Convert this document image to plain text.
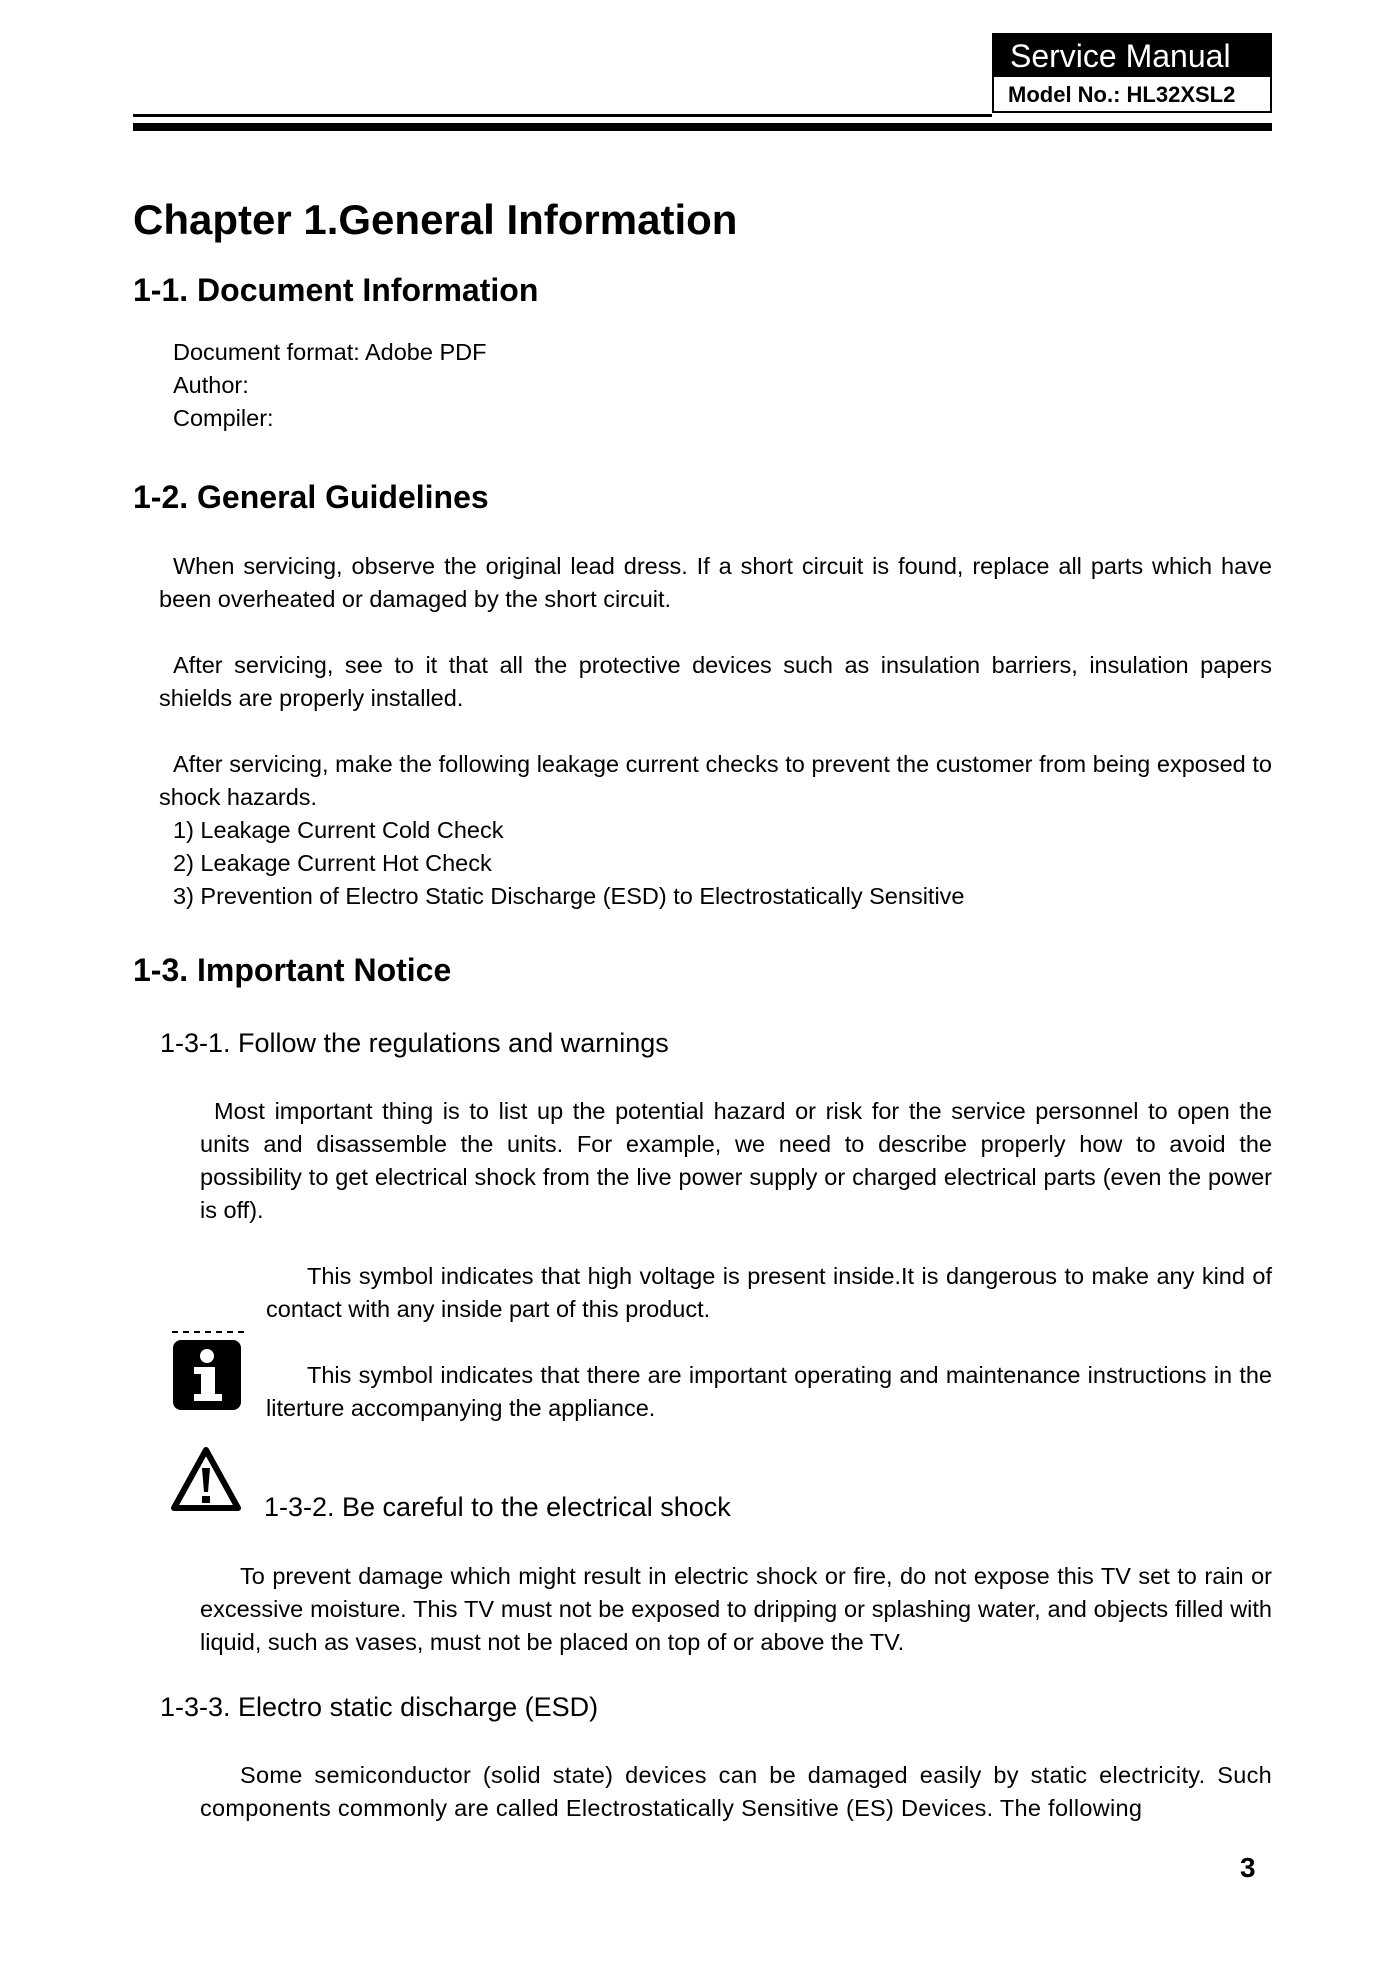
Service Manual
Model No.: HL32XSL2
Chapter 1.General Information
1-1. Document Information
Document format: Adobe PDF
Author:
Compiler:
1-2. General Guidelines
When servicing, observe the original lead dress. If a short circuit is found, replace all parts which have been overheated or damaged by the short circuit.
After servicing, see to it that all the protective devices such as insulation barriers, insulation papers shields are properly installed.
After servicing, make the following leakage current checks to prevent the customer from being exposed to shock hazards.
1) Leakage Current Cold Check
2) Leakage Current Hot Check
3) Prevention of Electro Static Discharge (ESD) to Electrostatically Sensitive
1-3. Important Notice
1-3-1. Follow the regulations and warnings
Most important thing is to list up the potential hazard or risk for the service personnel to open the units and disassemble the units. For example, we need to describe properly how to avoid the possibility to get electrical shock from the live power supply or charged electrical parts (even the power is off).
This symbol indicates that high voltage is present inside.It is dangerous to make any kind of contact with any inside part of this product.
This symbol indicates that there are important operating and maintenance instructions in the literture accompanying the appliance.
1-3-2. Be careful to the electrical shock
To prevent damage which might result in electric shock or fire, do not expose this TV set to rain or excessive moisture. This TV must not be exposed to dripping or splashing water, and objects filled with liquid, such as vases, must not be placed on top of or above the TV.
1-3-3. Electro static discharge (ESD)
Some semiconductor (solid state) devices can be damaged easily by static electricity. Such components commonly are called Electrostatically Sensitive (ES) Devices. The following
3
